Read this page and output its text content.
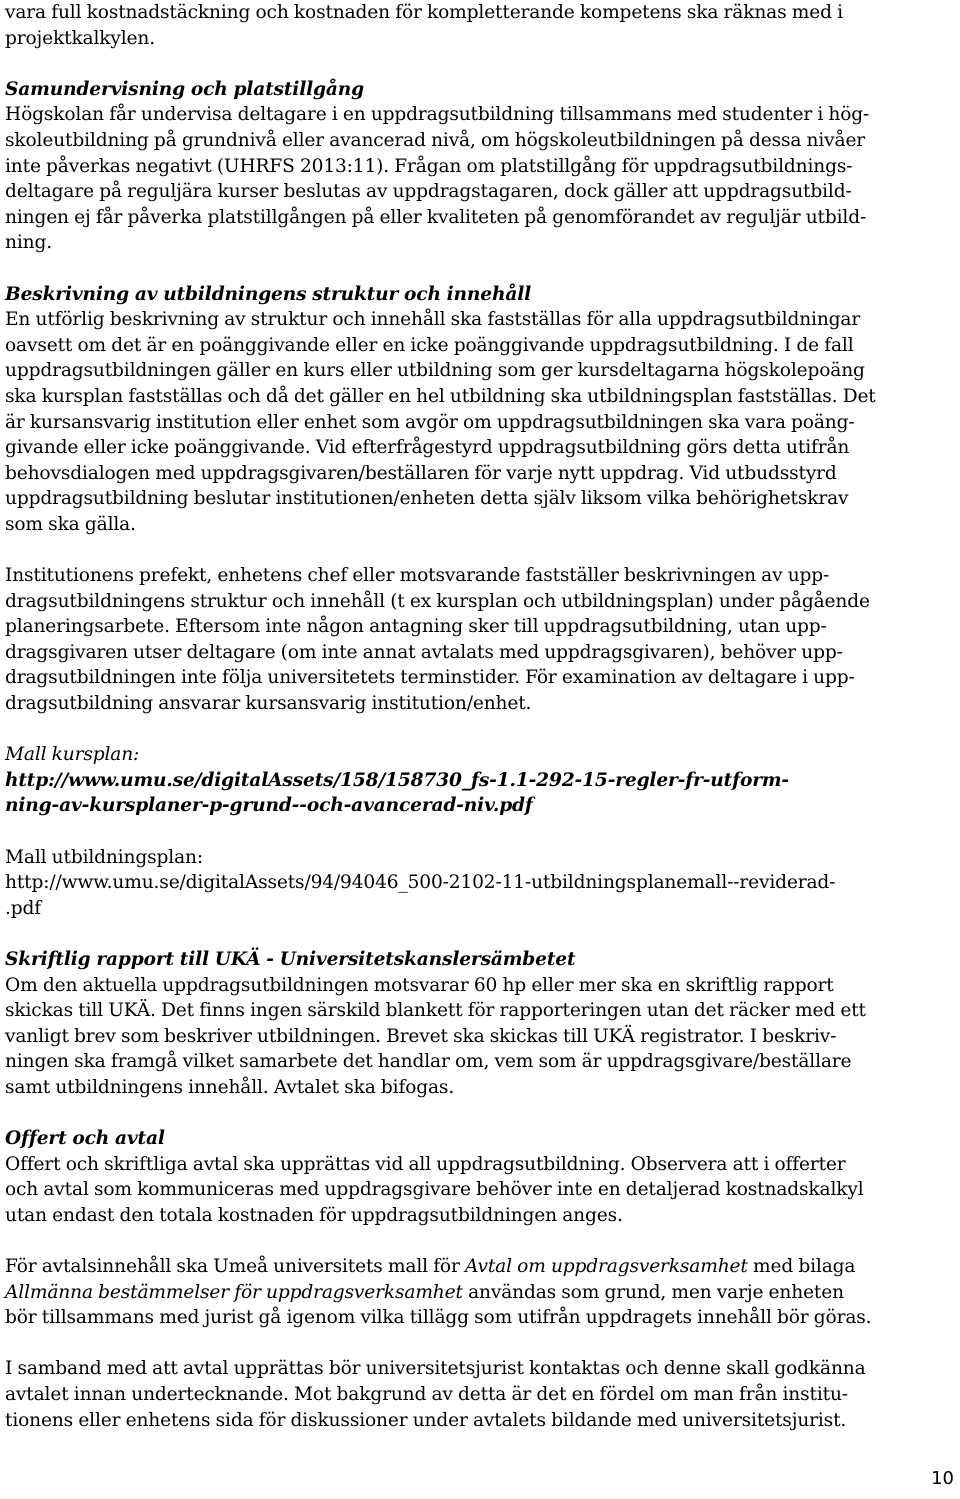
vara full kostnadstäckning och kostnaden för kompletterande kompetens ska räknas med i
projektkalkylen.

Samundervisning och platstillgång
Högskolan får undervisa deltagare i en uppdragsutbildning tillsammans med studenter i hög-
skoleutbildning på grundnivå eller avancerad nivå, om högskoleutbildningen på dessa nivåer
inte påverkas negativt (UHRFS 2013:11). Frågan om platstillgång för uppdragsutbildnings-
deltagare på reguljära kurser beslutas av uppdragstagaren, dock gäller att uppdragsutbild-
ningen ej får påverka platstillgången på eller kvaliteten på genomförandet av reguljär utbild-
ning.

Beskrivning av utbildningens struktur och innehåll
En utförlig beskrivning av struktur och innehåll ska fastställas för alla uppdragsutbildningar
oavsett om det är en poänggivande eller en icke poänggivande uppdragsutbildning. I de fall
uppdragsutbildningen gäller en kurs eller utbildning som ger kursdeltagarna högskolepoäng
ska kursplan fastställas och då det gäller en hel utbildning ska utbildningsplan fastställas. Det
är kursansvarig institution eller enhet som avgör om uppdragsutbildningen ska vara poäng-
givande eller icke poänggivande. Vid efterfrågestyrd uppdragsutbildning görs detta utifrån
behovsdialogen med uppdragsgivaren/beställaren för varje nytt uppdrag. Vid utbudsstyrd
uppdragsutbildning beslutar institutionen/enheten detta själv liksom vilka behörighetskrav
som ska gälla.

Institutionens prefekt, enhetens chef eller motsvarande fastställer beskrivningen av upp-
dragsutbildningens struktur och innehåll (t ex kursplan och utbildningsplan) under pågående
planeringsarbete. Eftersom inte någon antagning sker till uppdragsutbildning, utan upp-
dragsgivaren utser deltagare (om inte annat avtalats med uppdragsgivaren), behöver upp-
dragsutbildningen inte följa universitetets terminstider. För examination av deltagare i upp-
dragsutbildning ansvarar kursansvarig institution/enhet.

Mall kursplan:
http://www.umu.se/digitalAssets/158/158730_fs-1.1-292-15-regler-fr-utform-
ning-av-kursplaner-p-grund--och-avancerad-niv.pdf

Mall utbildningsplan:
http://www.umu.se/digitalAssets/94/94046_500-2102-11-utbildningsplanemall--reviderad-
.pdf

Skriftlig rapport till UKÄ - Universitetskanslersämbetet
Om den aktuella uppdragsutbildningen motsvarar 60 hp eller mer ska en skriftlig rapport
skickas till UKÄ. Det finns ingen särskild blankett för rapporteringen utan det räcker med ett
vanligt brev som beskriver utbildningen. Brevet ska skickas till UKÄ registrator. I beskriv-
ningen ska framgå vilket samarbete det handlar om, vem som är uppdragsgivare/beställare
samt utbildningens innehåll. Avtalet ska bifogas.

Offert och avtal
Offert och skriftliga avtal ska upprättas vid all uppdragsutbildning. Observera att i offerter
och avtal som kommuniceras med uppdragsgivare behöver inte en detaljerad kostnadskalkyl
utan endast den totala kostnaden för uppdragsutbildningen anges.

För avtalsinnehåll ska Umeå universitets mall för Avtal om uppdragsverksamhet med bilaga
Allmänna bestämmelser för uppdragsverksamhet användas som grund, men varje enheten
bör tillsammans med jurist gå igenom vilka tillägg som utifrån uppdragets innehåll bör göras.

I samband med att avtal upprättas bör universitetsjurist kontaktas och denne skall godkänna
avtalet innan undertecknande. Mot bakgrund av detta är det en fördel om man från institu-
tionens eller enhetens sida för diskussioner under avtalets bildande med universitetsjurist.

10
